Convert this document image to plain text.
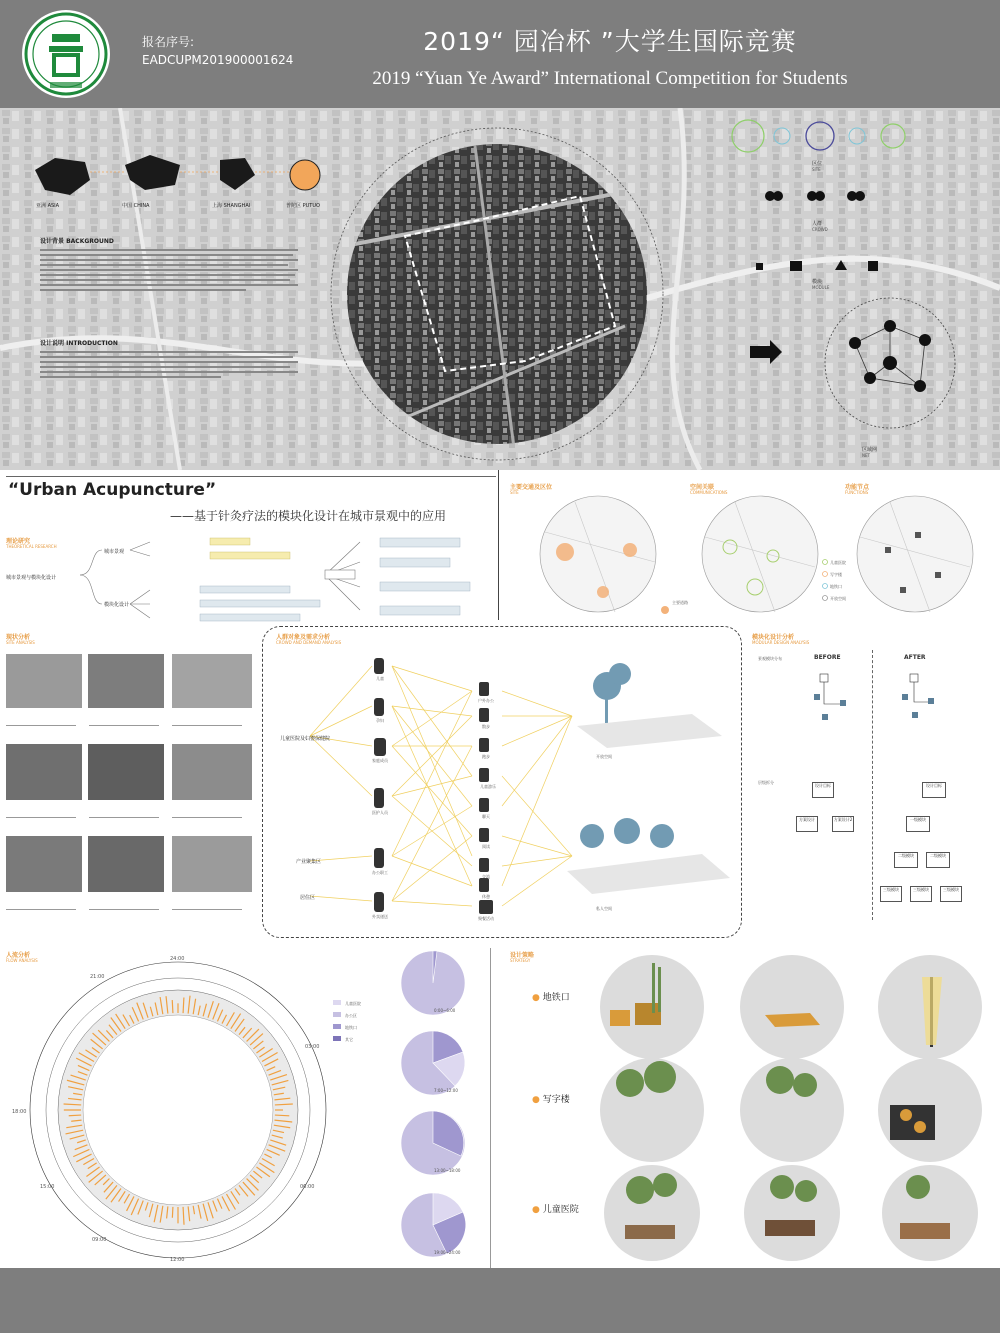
报名序号:
EADCUPM201900001624
2019“ 园冶杯 ”大学生国际竞赛
2019 “Yuan Ye Award” International Competition for Students
亚洲 ASIA	中国 CHINA	上海 SHANGHAI	普陀区 PUTUO
设计背景 BACKGROUND
设计说明 INTRODUCTION
区位
SITE
人群
CROWD
模块
MODULE
区域网
NET
“Urban Acupuncture”
——基于针灸疗法的模块化设计在城市景观中的应用
理论研究
THEORETICAL RESEARCH
城市景观与模块化设计
城市景观
模块化设计
主要交通及区位
SITE
空间关联
COMMUNICATIONS
功能节点
FUNCTIONS
主要道路
儿童医院
写字楼
地铁口
开放空间
现状分析
SITE ANALYSIS

人群对象及需求分析
CROWD AND DEMAND ANALYSIS
儿童医院及妇婴保健院
产业聚集区
居住区
儿童
孕妇
家庭成员
医护人员
办公职工
外卖递送
户外办公
散步
跑步
儿童游乐
聊天
阅读
交流
休憩
聚餐活动
开放空间
私人空间
模块化设计分析
MODULAR DESIGN ANALYSIS
BEFORE	AFTER
景观模块分布
层级拆分
设计目标
方案设计	方案设计2
设计目标
一级模块
二级模块	二级模块
三级模块	三级模块	三级模块
人流分析
FLOW ANALYSIS	24:00
21:00
18:00
15:00
12:00
09:00
06:00
03:00
儿童医院
办公区
地铁口
其它
0:00~6:00
7:00~12:00
13:00~18:00
19:00~24:00
设计策略
STRATEGY
● 地铁口
● 写字楼
● 儿童医院
